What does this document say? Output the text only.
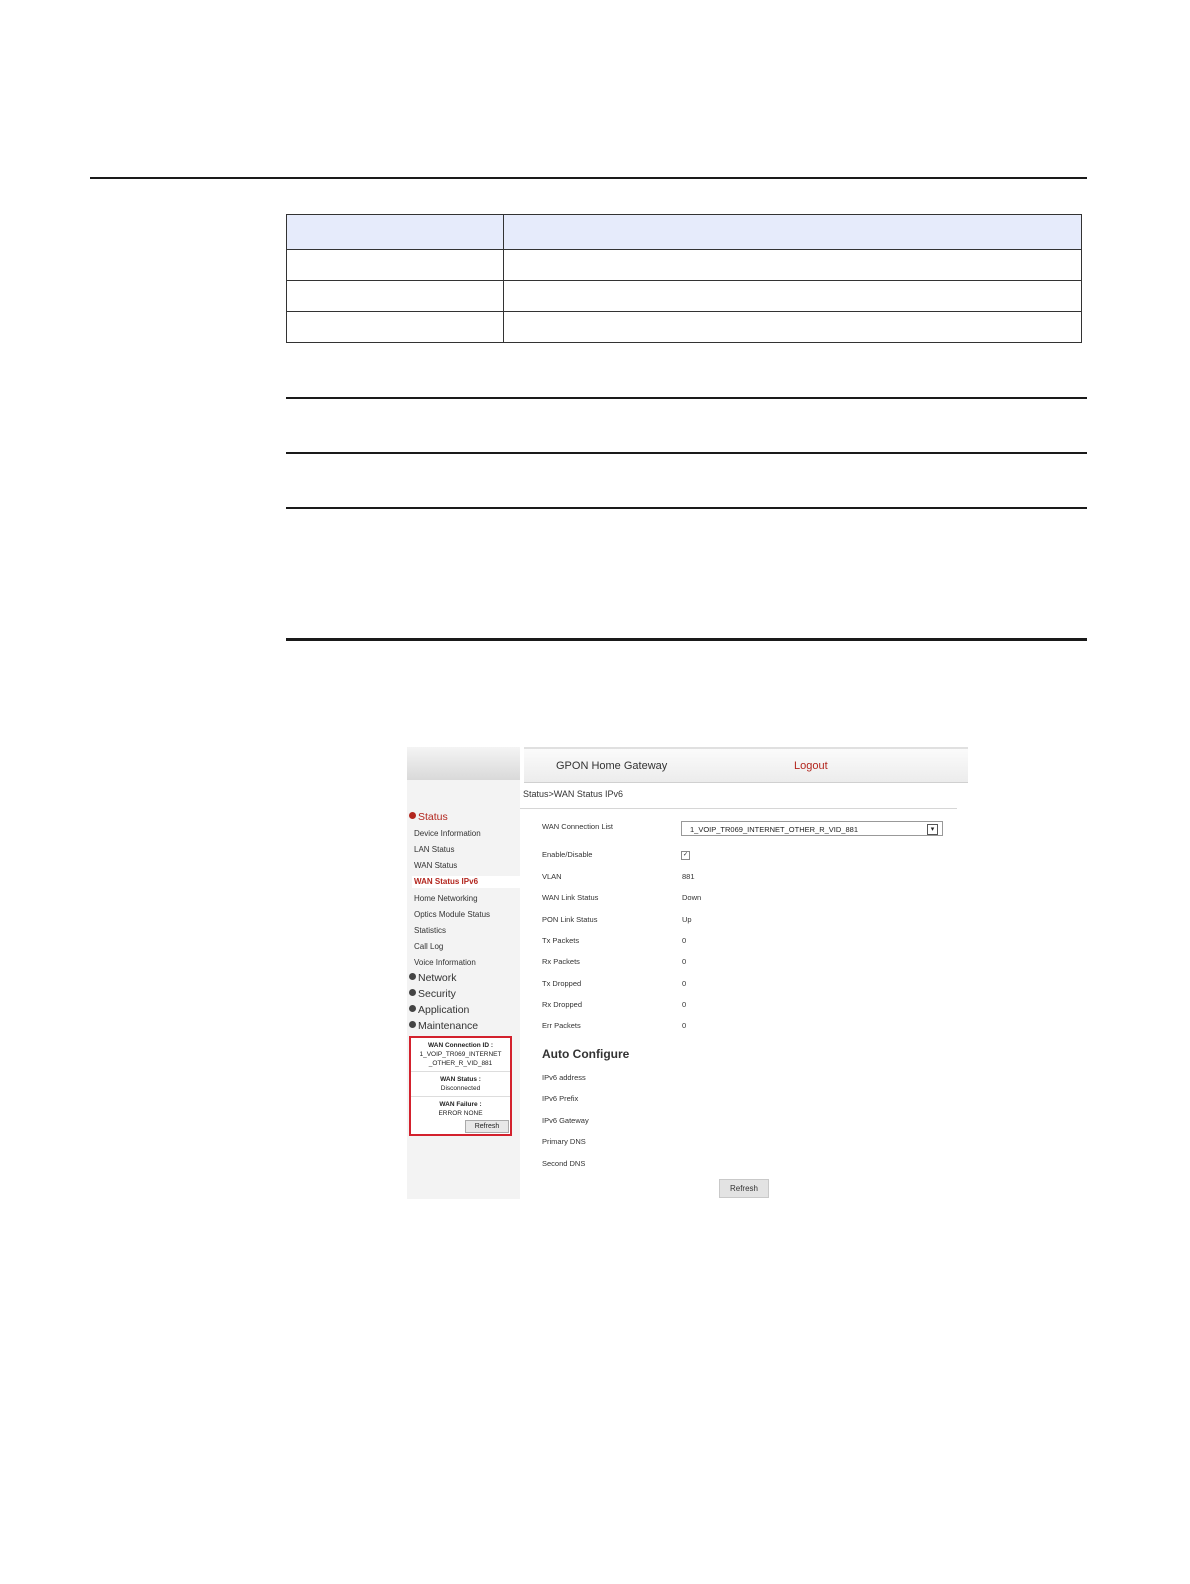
GPON Home Gateway	Logout
Status>WAN Status IPv6
Status
Device Information
LAN Status
WAN Status
WAN Status IPv6
Home Networking
Optics Module Status
Statistics
Call Log
Voice Information
Network
Security
Application
Maintenance
WAN Connection ID :
1_VOIP_TR069_INTERNET _OTHER_R_VID_881
WAN Status :
Disconnected
WAN Failure :
ERROR NONE
Refresh
WAN Connection List	1_VOIP_TR069_INTERNET_OTHER_R_VID_881	▾
Enable/Disable	✓
VLAN	881
WAN Link Status	Down
PON Link Status	Up
Tx Packets	0
Rx Packets	0
Tx Dropped	0
Rx Dropped	0
Err Packets	0
Auto Configure
IPv6 address
IPv6 Prefix
IPv6 Gateway
Primary DNS
Second DNS
Refresh
